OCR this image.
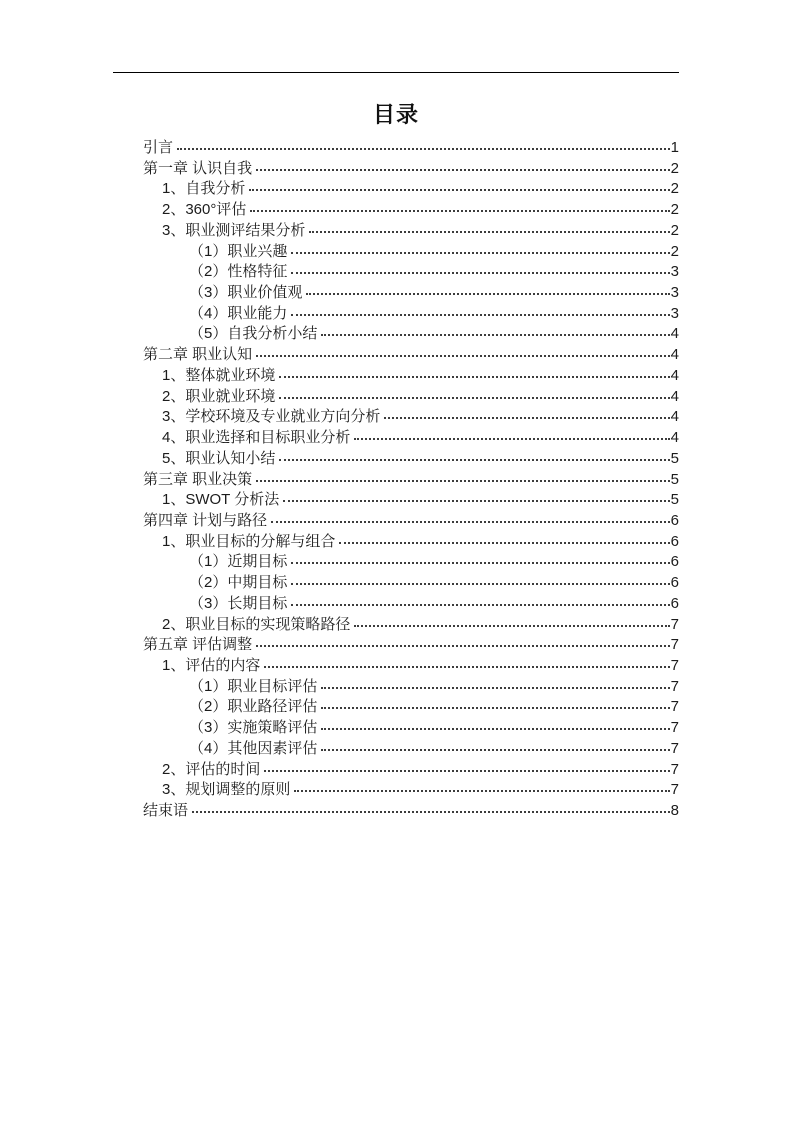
目录
引言	1
第一章 认识自我	2
1、自我分析	2
2、360°评估	2
3、职业测评结果分析	2
（1）职业兴趣	2
（2）性格特征	3
（3）职业价值观	3
（4）职业能力	3
（5）自我分析小结	4
第二章 职业认知	4
1、整体就业环境	4
2、职业就业环境	4
3、学校环境及专业就业方向分析	4
4、职业选择和目标职业分析	4
5、职业认知小结	5
第三章 职业决策	5
1、SWOT 分析法	5
第四章 计划与路径	6
1、职业目标的分解与组合	6
（1）近期目标	6
（2）中期目标	6
（3）长期目标	6
2、职业目标的实现策略路径	7
第五章 评估调整	7
1、评估的内容	7
（1）职业目标评估	7
（2）职业路径评估	7
（3）实施策略评估	7
（4）其他因素评估	7
2、评估的时间	7
3、规划调整的原则	7
结束语	8
